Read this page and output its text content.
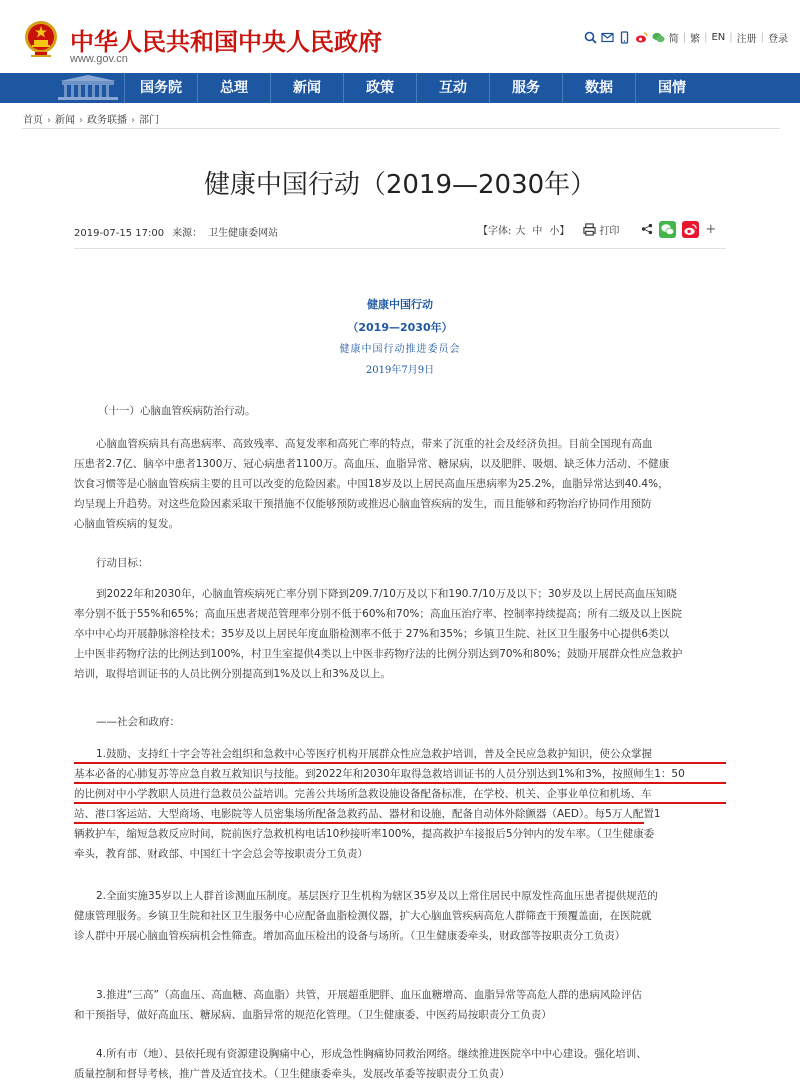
中华人民共和国中央人民政府
www.gov.cn
简 | 繁 | EN | 注册 | 登录
国务院	总理	新闻	政策	互动	服务	数据	国情
首页 › 新闻 › 政务联播 › 部门
健康中国行动（2019—2030年）
2019-07-15 17:00 来源： 卫生健康委网站	【字体: 大 中 小 】	打印	+
健康中国行动
（2019—2030年）
健康中国行动推进委员会
2019年7月9日
（十一）心脑血管疾病防治行动。
心脑血管疾病具有高患病率、高致残率、高复发率和高死亡率的特点，带来了沉重的社会及经济负担。目前全国现有高血
压患者2.7亿、脑卒中患者1300万、冠心病患者1100万。高血压、血脂异常、糖尿病，以及肥胖、吸烟、缺乏体力活动、不健康
饮食习惯等是心脑血管疾病主要的且可以改变的危险因素。中国18岁及以上居民高血压患病率为25.2%，血脂异常达到40.4%，
均呈现上升趋势。对这些危险因素采取干预措施不仅能够预防或推迟心脑血管疾病的发生，而且能够和药物治疗协同作用预防
心脑血管疾病的复发。
行动目标：
到2022年和2030年，心脑血管疾病死亡率分别下降到209.7/10万及以下和190.7/10万及以下；30岁及以上居民高血压知晓
率分别不低于55%和65%；高血压患者规范管理率分别不低于60%和70%；高血压治疗率、控制率持续提高；所有二级及以上医院
卒中中心均开展静脉溶栓技术；35岁及以上居民年度血脂检测率不低于 27%和35%；乡镇卫生院、社区卫生服务中心提供6类以
上中医非药物疗法的比例达到100%，村卫生室提供4类以上中医非药物疗法的比例分别达到70%和80%；鼓励开展群众性应急救护
培训，取得培训证书的人员比例分别提高到1%及以上和3%及以上。
——社会和政府：
1.鼓励、支持红十字会等社会组织和急救中心等医疗机构开展群众性应急救护培训，普及全民应急救护知识，使公众掌握
基本必备的心肺复苏等应急自救互救知识与技能。到2022年和2030年取得急救培训证书的人员分别达到1%和3%，按照师生1：50
的比例对中小学教职人员进行急救员公益培训。完善公共场所急救设施设备配备标准，在学校、机关、企事业单位和机场、车
站、港口客运站、大型商场、电影院等人员密集场所配备急救药品、器材和设施，配备自动体外除颤器（AED）。每5万人配置1
辆救护车，缩短急救反应时间，院前医疗急救机构电话10秒接听率100%，提高救护车接报后5分钟内的发车率。（卫生健康委
牵头，教育部、财政部、中国红十字会总会等按职责分工负责）
2.全面实施35岁以上人群首诊测血压制度。基层医疗卫生机构为辖区35岁及以上常住居民中原发性高血压患者提供规范的
健康管理服务。乡镇卫生院和社区卫生服务中心应配备血脂检测仪器，扩大心脑血管疾病高危人群筛查干预覆盖面，在医院就
诊人群中开展心脑血管疾病机会性筛查。增加高血压检出的设备与场所。（卫生健康委牵头，财政部等按职责分工负责）
3.推进“三高”（高血压、高血糖、高血脂）共管，开展超重肥胖、血压血糖增高、血脂异常等高危人群的患病风险评估
和干预指导，做好高血压、糖尿病、血脂异常的规范化管理。（卫生健康委、中医药局按职责分工负责）
4.所有市（地）、县依托现有资源建设胸痛中心，形成急性胸痛协同救治网络。继续推进医院卒中中心建设。强化培训、
质量控制和督导考核，推广普及适宜技术。（卫生健康委牵头，发展改革委等按职责分工负责）
